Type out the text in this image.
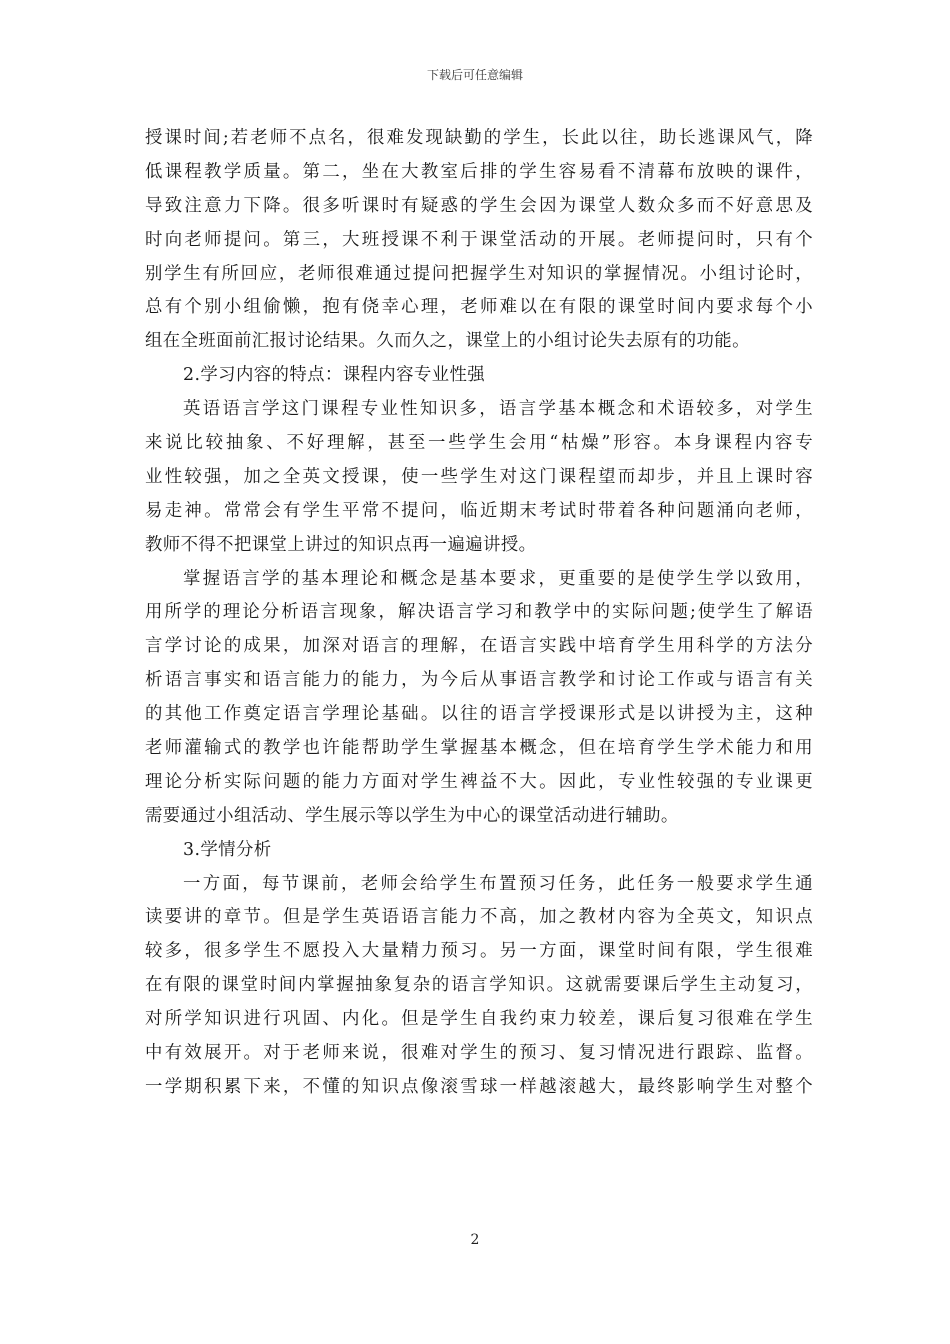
下载后可任意编辑
授课时间;若老师不点名，很难发现缺勤的学生，长此以往，助长逃课风气，降
低课程教学质量。第二，坐在大教室后排的学生容易看不清幕布放映的课件，
导致注意力下降。很多听课时有疑惑的学生会因为课堂人数众多而不好意思及
时向老师提问。第三，大班授课不利于课堂活动的开展。老师提问时，只有个
别学生有所回应，老师很难通过提问把握学生对知识的掌握情况。小组讨论时，
总有个别小组偷懒，抱有侥幸心理，老师难以在有限的课堂时间内要求每个小
组在全班面前汇报讨论结果。久而久之，课堂上的小组讨论失去原有的功能。
2.学习内容的特点：课程内容专业性强
英语语言学这门课程专业性知识多，语言学基本概念和术语较多，对学生
来说比较抽象、不好理解，甚至一些学生会用“枯燥”形容。本身课程内容专
业性较强，加之全英文授课，使一些学生对这门课程望而却步，并且上课时容
易走神。常常会有学生平常不提问，临近期末考试时带着各种问题涌向老师，
教师不得不把课堂上讲过的知识点再一遍遍讲授。
掌握语言学的基本理论和概念是基本要求，更重要的是使学生学以致用，
用所学的理论分析语言现象，解决语言学习和教学中的实际问题;使学生了解语
言学讨论的成果，加深对语言的理解，在语言实践中培育学生用科学的方法分
析语言事实和语言能力的能力，为今后从事语言教学和讨论工作或与语言有关
的其他工作奠定语言学理论基础。以往的语言学授课形式是以讲授为主，这种
老师灌输式的教学也许能帮助学生掌握基本概念，但在培育学生学术能力和用
理论分析实际问题的能力方面对学生裨益不大。因此，专业性较强的专业课更
需要通过小组活动、学生展示等以学生为中心的课堂活动进行辅助。
3.学情分析
一方面，每节课前，老师会给学生布置预习任务，此任务一般要求学生通
读要讲的章节。但是学生英语语言能力不高，加之教材内容为全英文，知识点
较多，很多学生不愿投入大量精力预习。另一方面，课堂时间有限，学生很难
在有限的课堂时间内掌握抽象复杂的语言学知识。这就需要课后学生主动复习，
对所学知识进行巩固、内化。但是学生自我约束力较差，课后复习很难在学生
中有效展开。对于老师来说，很难对学生的预习、复习情况进行跟踪、监督。
一学期积累下来，不懂的知识点像滚雪球一样越滚越大，最终影响学生对整个
2
